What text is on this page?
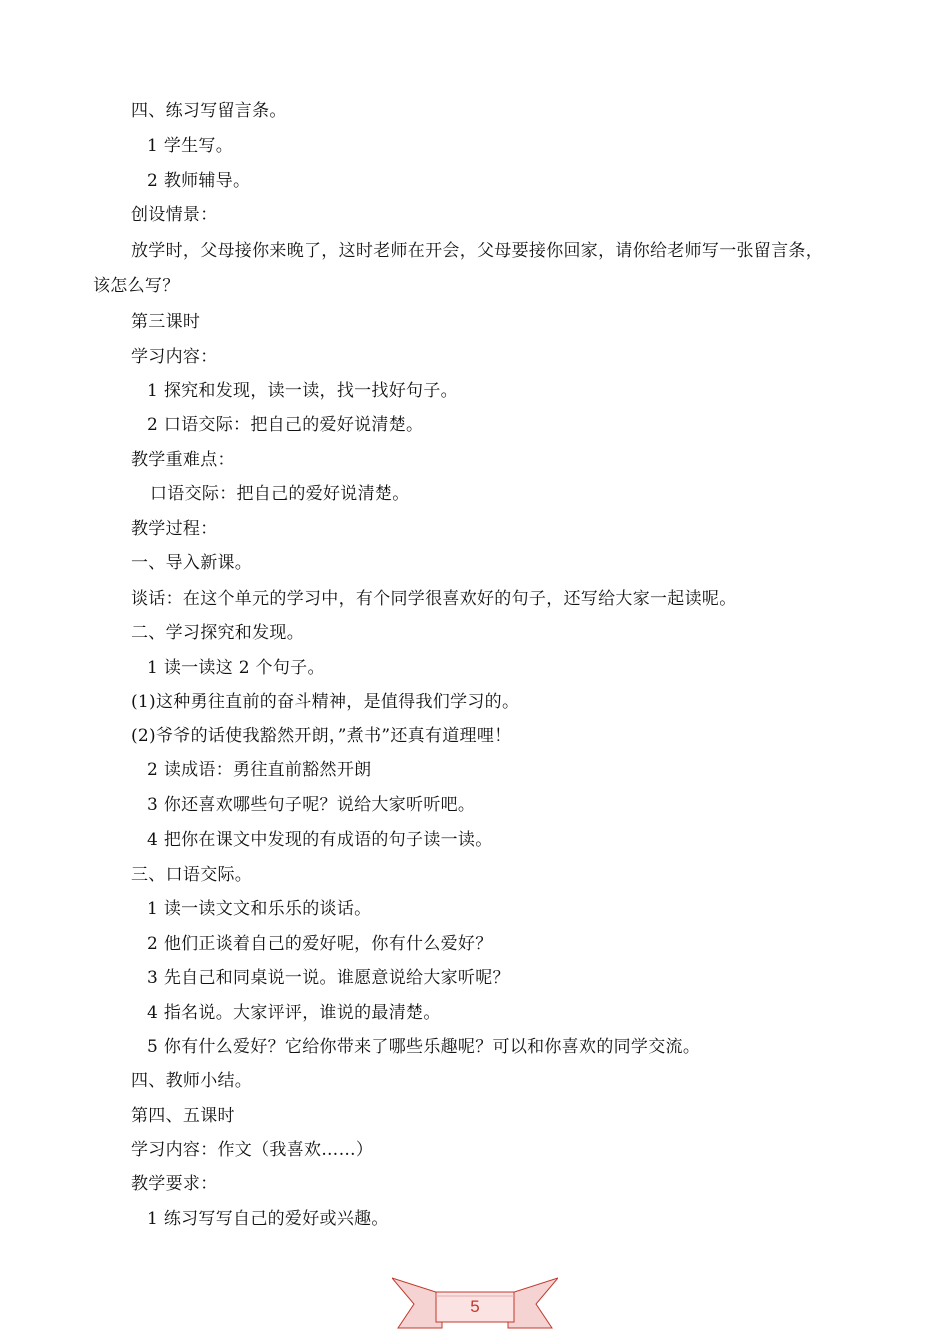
四、练习写留言条。
1 学生写。
2 教师辅导。
创设情景：
放学时，父母接你来晚了，这时老师在开会，父母要接你回家，请你给老师写一张留言条，
该怎么写？
第三课时
学习内容：
1 探究和发现，读一读，找一找好句子。
2 口语交际：把自己的爱好说清楚。
教学重难点：
口语交际：把自己的爱好说清楚。
教学过程：
一、导入新课。
谈话：在这个单元的学习中，有个同学很喜欢好的句子，还写给大家一起读呢。
二、学习探究和发现。
1 读一读这 2 个句子。
(1)这种勇往直前的奋斗精神，是值得我们学习的。
(2)爷爷的话使我豁然开朗，”煮书”还真有道理哩！
2 读成语：勇往直前豁然开朗
3 你还喜欢哪些句子呢？说给大家听听吧。
4 把你在课文中发现的有成语的句子读一读。
三、口语交际。
1 读一读文文和乐乐的谈话。
2 他们正谈着自己的爱好呢，你有什么爱好？
3 先自己和同桌说一说。谁愿意说给大家听呢？
4 指名说。大家评评，谁说的最清楚。
5 你有什么爱好？它给你带来了哪些乐趣呢？可以和你喜欢的同学交流。
四、教师小结。
第四、五课时
学习内容：作文（我喜欢……）
教学要求：
1 练习写写自己的爱好或兴趣。
5
